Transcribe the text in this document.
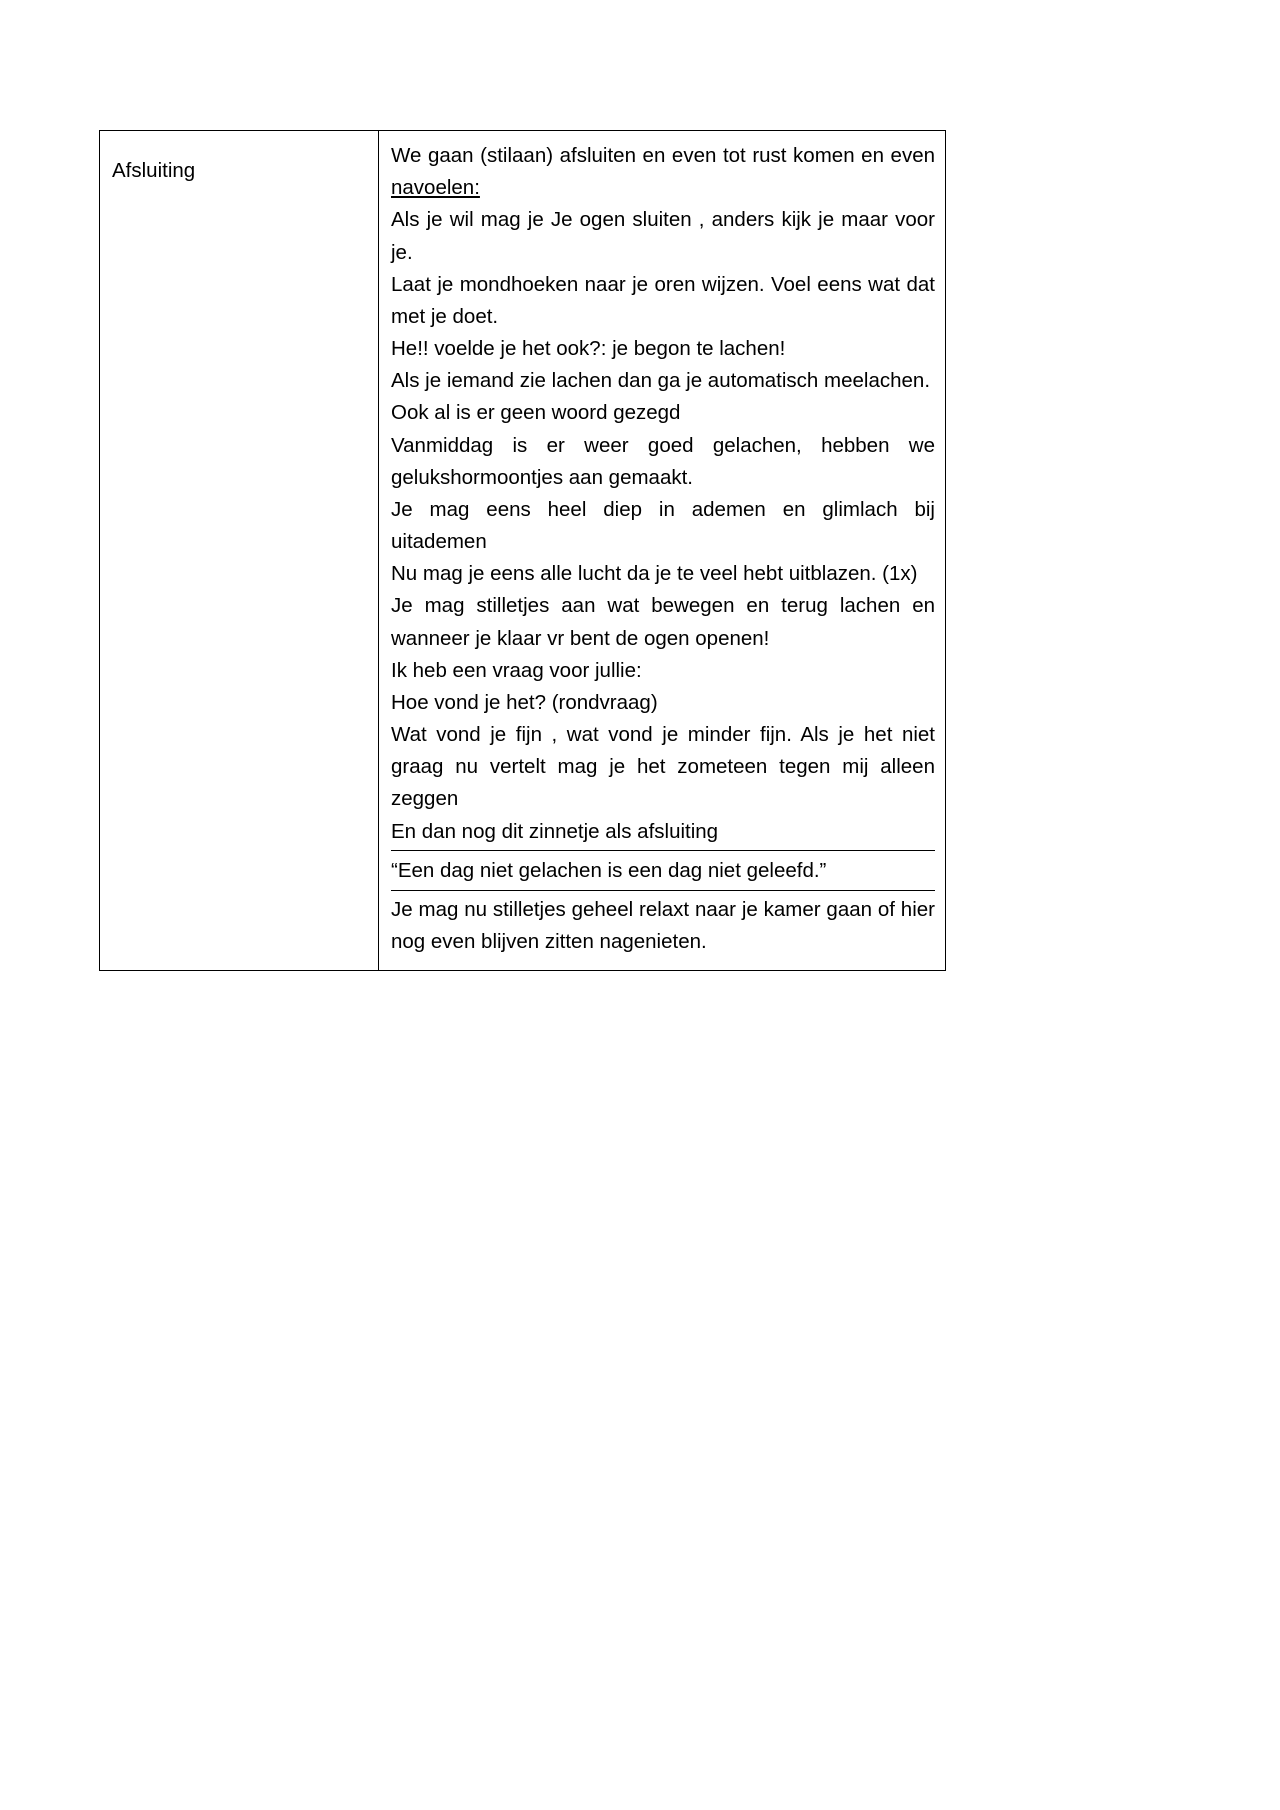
Afsluiting

We gaan (stilaan) afsluiten en even tot rust komen en even navoelen:

Als je wil mag je Je ogen sluiten , anders kijk je maar voor je.

Laat je mondhoeken naar je oren wijzen. Voel eens wat dat met je doet.

He!! voelde je het ook?: je begon te lachen!

Als je iemand zie lachen dan ga je automatisch meelachen.

Ook al is er geen woord gezegd

Vanmiddag is er weer goed gelachen, hebben we gelukshormoontjes aan gemaakt.

Je mag eens heel diep in ademen en glimlach bij uitademen

Nu mag je eens alle lucht da je te veel hebt uitblazen. (1x)

Je mag stilletjes aan wat bewegen en terug lachen en wanneer je klaar vr bent de ogen openen!

Ik heb een vraag voor jullie:

Hoe vond je het? (rondvraag)

Wat vond je fijn , wat vond je minder fijn. Als je het niet graag nu vertelt mag je het zometeen tegen mij alleen zeggen

En dan nog dit zinnetje als afsluiting

“Een dag niet gelachen is een dag niet geleefd.”

Je mag nu stilletjes geheel relaxt naar je kamer gaan of hier nog even blijven zitten nagenieten.
